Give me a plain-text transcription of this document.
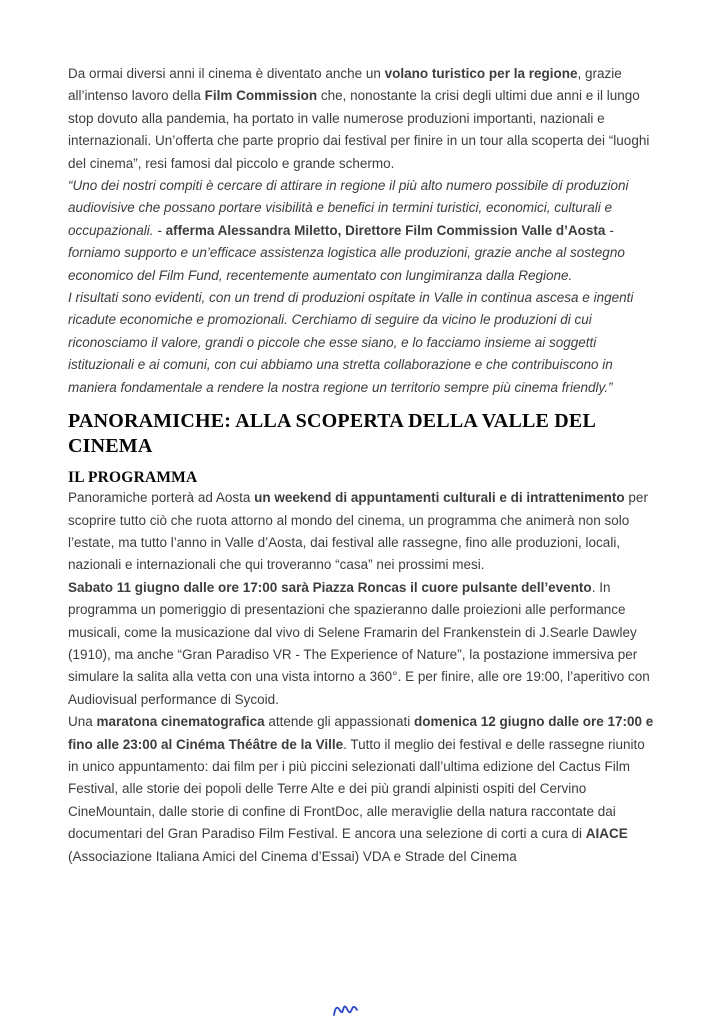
Da ormai diversi anni il cinema è diventato anche un volano turistico per la regione, grazie all’intenso lavoro della Film Commission che, nonostante la crisi degli ultimi due anni e il lungo stop dovuto alla pandemia, ha portato in valle numerose produzioni importanti, nazionali e internazionali. Un’offerta che parte proprio dai festival per finire in un tour alla scoperta dei “luoghi del cinema”, resi famosi dal piccolo e grande schermo.

“Uno dei nostri compiti è cercare di attirare in regione il più alto numero possibile di produzioni audiovisive che possano portare visibilità e benefici in termini turistici, economici, culturali e occupazionali. - afferma Alessandra Miletto, Direttore Film Commission Valle d’Aosta - forniamo supporto e un’efficace assistenza logistica alle produzioni, grazie anche al sostegno economico del Film Fund, recentemente aumentato con lungimiranza dalla Regione.

I risultati sono evidenti, con un trend di produzioni ospitate in Valle in continua ascesa e ingenti ricadute economiche e promozionali. Cerchiamo di seguire da vicino le produzioni di cui riconosciamo il valore, grandi o piccole che esse siano, e lo facciamo insieme ai soggetti istituzionali e ai comuni, con cui abbiamo una stretta collaborazione e che contribuiscono in maniera fondamentale a rendere la nostra regione un territorio sempre più cinema friendly.”

PANORAMICHE: ALLA SCOPERTA DELLA VALLE DEL CINEMA
IL PROGRAMMA

Panoramiche porterà ad Aosta un weekend di appuntamenti culturali e di intrattenimento per scoprire tutto ciò che ruota attorno al mondo del cinema, un programma che animerà non solo l’estate, ma tutto l’anno in Valle d’Aosta, dai festival alle rassegne, fino alle produzioni, locali, nazionali e internazionali che qui troveranno “casa” nei prossimi mesi.

Sabato 11 giugno dalle ore 17:00 sarà Piazza Roncas il cuore pulsante dell’evento. In programma un pomeriggio di presentazioni che spazieranno dalle proiezioni alle performance musicali, come la musicazione dal vivo di Selene Framarin del Frankenstein di J.Searle Dawley (1910), ma anche “Gran Paradiso VR - The Experience of Nature”, la postazione immersiva per simulare la salita alla vetta con una vista intorno a 360°. E per finire, alle ore 19:00, l’aperitivo con Audiovisual performance di Sycoid.

Una maratona cinematografica attende gli appassionati domenica 12 giugno dalle ore 17:00 e fino alle 23:00 al Cinéma Théâtre de la Ville. Tutto il meglio dei festival e delle rassegne riunito in unico appuntamento: dai film per i più piccini selezionati dall’ultima edizione del Cactus Film Festival, alle storie dei popoli delle Terre Alte e dei più grandi alpinisti ospiti del Cervino CineMountain, dalle storie di confine di FrontDoc, alle meraviglie della natura raccontate dai documentari del Gran Paradiso Film Festival. E ancora una selezione di corti a cura di AIACE (Associazione Italiana Amici del Cinema d’Essai) VDA e Strade del Cinema
